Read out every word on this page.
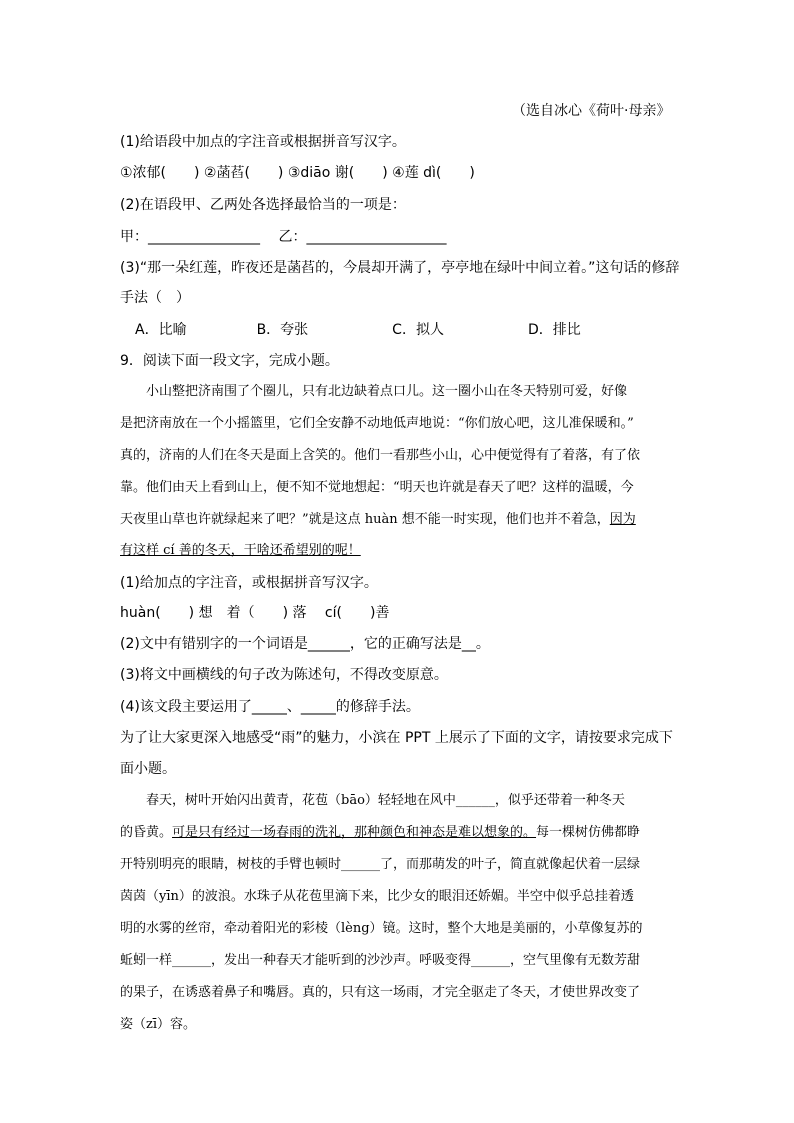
（选自冰心《荷叶·母亲》
(1)给语段中加点的字注音或根据拼音写汉字。
①浓郁(　　) ②菡萏(　　) ③diāo 谢(　　) ④莲 dì(　　)
(2)在语段甲、乙两处各选择最恰当的一项是：
甲：________________　 乙：____________________
(3)“那一朵红莲，昨夜还是菡萏的，今晨却开满了，亭亭地在绿叶中间立着。”这句话的修辞
手法（　）
A．比喻　　　　　B．夸张　　　　　　C．拟人　　　　　　D．排比
9．阅读下面一段文字，完成小题。
　　小山整把济南围了个圈儿，只有北边缺着点口儿。这一圈小山在冬天特别可爱，好像
是把济南放在一个小摇篮里，它们全安静不动地低声地说：“你们放心吧，这儿准保暖和。”
真的，济南的人们在冬天是面上含笑的。他们一看那些小山，心中便觉得有了着落，有了依
靠。他们由天上看到山上，便不知不觉地想起：“明天也许就是春天了吧？这样的温暖，今
天夜里山草也许就绿起来了吧？”就是这点 huàn 想不能一时实现，他们也并不着急，因为
有这样 cí 善的冬天，干啥还希望别的呢！
(1)给加点的字注音，或根据拼音写汉字。
huàn(　　) 想　着（　　) 落　 cí(　　)善
(2)文中有错别字的一个词语是______，它的正确写法是__。
(3)将文中画横线的句子改为陈述句，不得改变原意。
(4)该文段主要运用了_____、_____的修辞手法。
为了让大家更深入地感受“雨”的魅力，小滨在 PPT 上展示了下面的文字，请按要求完成下
面小题。
　　春天，树叶开始闪出黄青，花苞（bāo）轻轻地在风中______，似乎还带着一种冬天
的昏黄。可是只有经过一场春雨的洗礼，那种颜色和神态是难以想象的。每一棵树仿佛都睁
开特别明亮的眼睛，树枝的手臂也顿时______了，而那萌发的叶子，简直就像起伏着一层绿
茵茵（yīn）的波浪。水珠子从花苞里滴下来，比少女的眼泪还娇媚。半空中似乎总挂着透
明的水雾的丝帘，牵动着阳光的彩棱（lèng）镜。这时，整个大地是美丽的，小草像复苏的
蚯蚓一样______，发出一种春天才能听到的沙沙声。呼吸变得______，空气里像有无数芳甜
的果子，在诱惑着鼻子和嘴唇。真的，只有这一场雨，才完全驱走了冬天，才使世界改变了
姿（zī）容。
